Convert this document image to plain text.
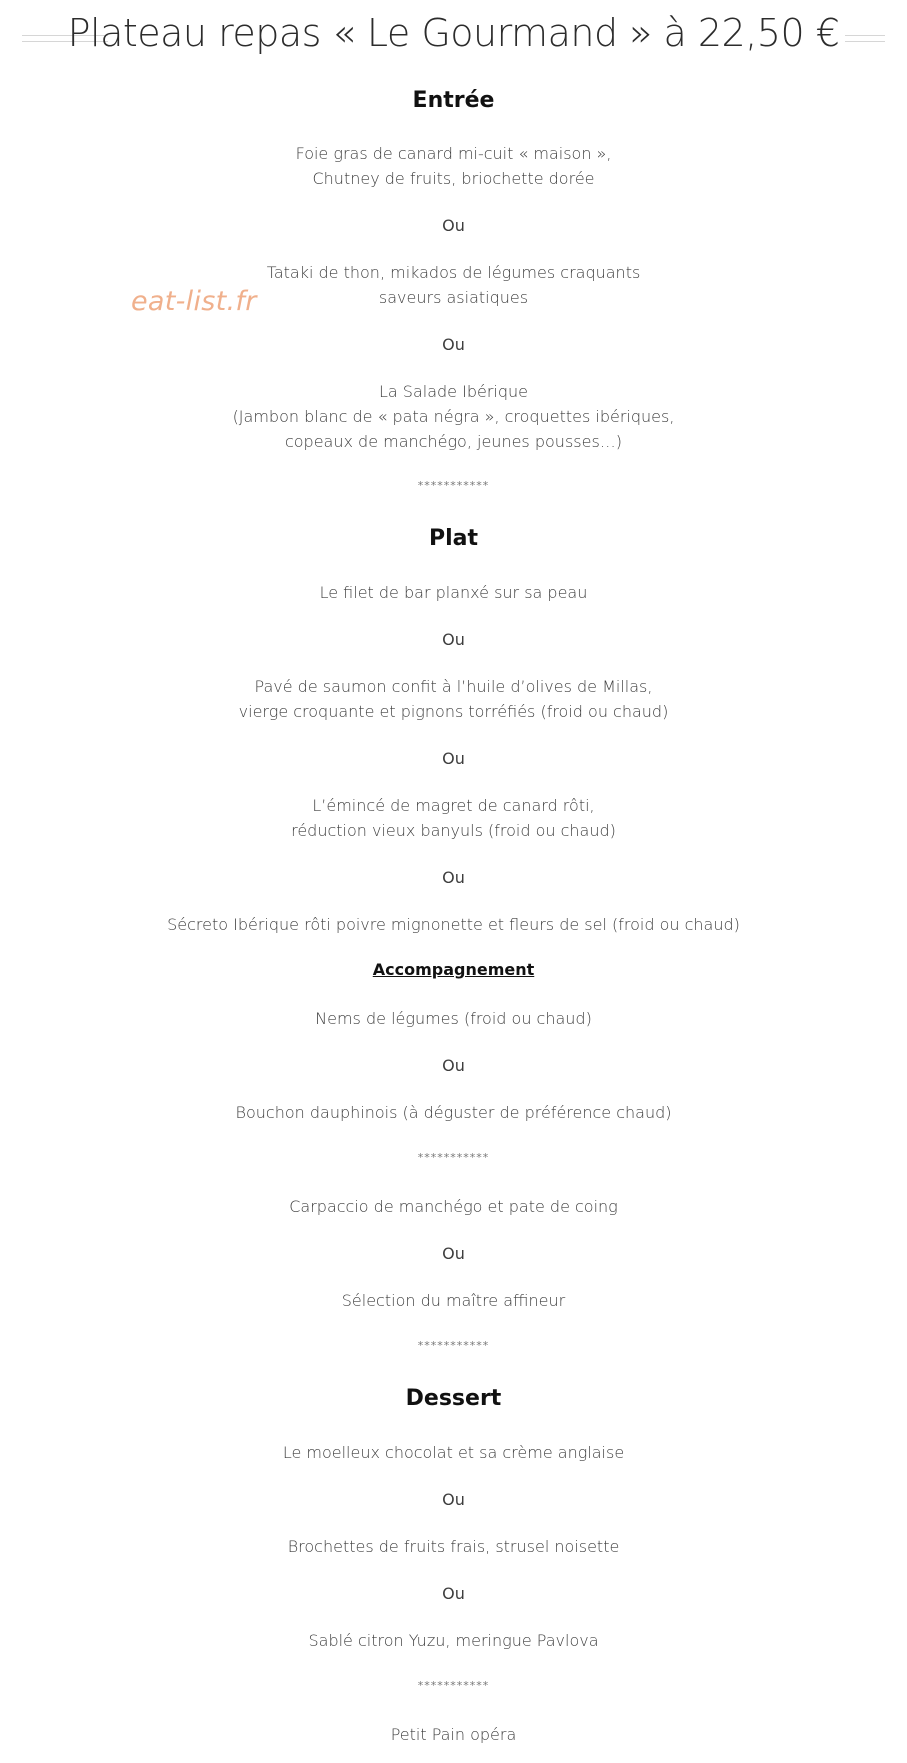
Plateau repas « Le Gourmand » à 22,50 €
eat-list.fr
Entrée
Foie gras de canard mi-cuit « maison »,
Chutney de fruits, briochette dorée
Ou
Tataki de thon, mikados de légumes craquants
saveurs asiatiques
Ou
La Salade Ibérique
(Jambon blanc de « pata négra », croquettes ibériques,
copeaux de manchégo, jeunes pousses…)
***********
Plat
Le filet de bar planxé sur sa peau
Ou
Pavé de saumon confit à l’huile d’olives de Millas,
vierge croquante et pignons torréfiés (froid ou chaud)
Ou
L’émincé de magret de canard rôti,
réduction vieux banyuls (froid ou chaud)
Ou
Sécreto Ibérique rôti poivre mignonette et fleurs de sel (froid ou chaud)
Accompagnement
Nems de légumes (froid ou chaud)
Ou
Bouchon dauphinois (à déguster de préférence chaud)
***********
Carpaccio de manchégo et pate de coing
Ou
Sélection du maître affineur
***********
Dessert
Le moelleux chocolat et sa crème anglaise
Ou
Brochettes de fruits frais, strusel noisette
Ou
Sablé citron Yuzu, meringue Pavlova
***********
Petit Pain opéra
